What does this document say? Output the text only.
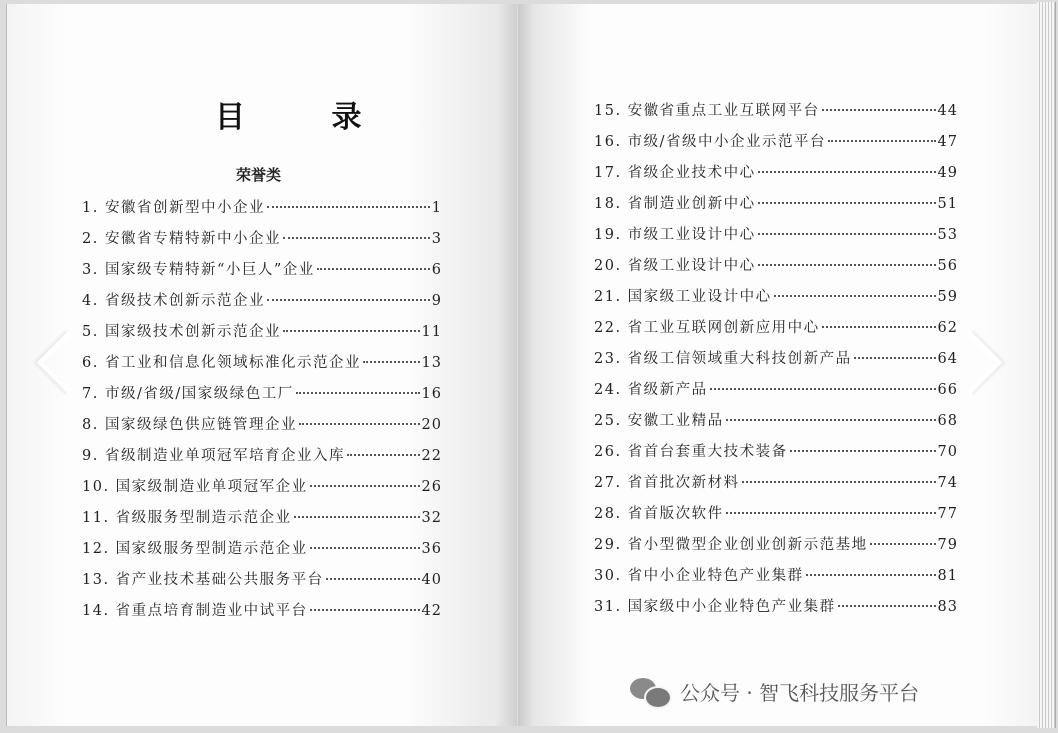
目 录
荣誉类
1. 安徽省创新型中小企业	1
2. 安徽省专精特新中小企业	3
3. 国家级专精特新“小巨人”企业	6
4. 省级技术创新示范企业	9
5. 国家级技术创新示范企业	11
6. 省工业和信息化领域标准化示范企业	13
7. 市级/省级/国家级绿色工厂	16
8. 国家级绿色供应链管理企业	20
9. 省级制造业单项冠军培育企业入库	22
10. 国家级制造业单项冠军企业	26
11. 省级服务型制造示范企业	32
12. 国家级服务型制造示范企业	36
13. 省产业技术基础公共服务平台	40
14. 省重点培育制造业中试平台	42
15. 安徽省重点工业互联网平台	44
16. 市级/省级中小企业示范平台	47
17. 省级企业技术中心	49
18. 省制造业创新中心	51
19. 市级工业设计中心	53
20. 省级工业设计中心	56
21. 国家级工业设计中心	59
22. 省工业互联网创新应用中心	62
23. 省级工信领域重大科技创新产品	64
24. 省级新产品	66
25. 安徽工业精品	68
26. 省首台套重大技术装备	70
27. 省首批次新材料	74
28. 省首版次软件	77
29. 省小型微型企业创业创新示范基地	79
30. 省中小企业特色产业集群	81
31. 国家级中小企业特色产业集群	83
公众号 · 智飞科技服务平台
